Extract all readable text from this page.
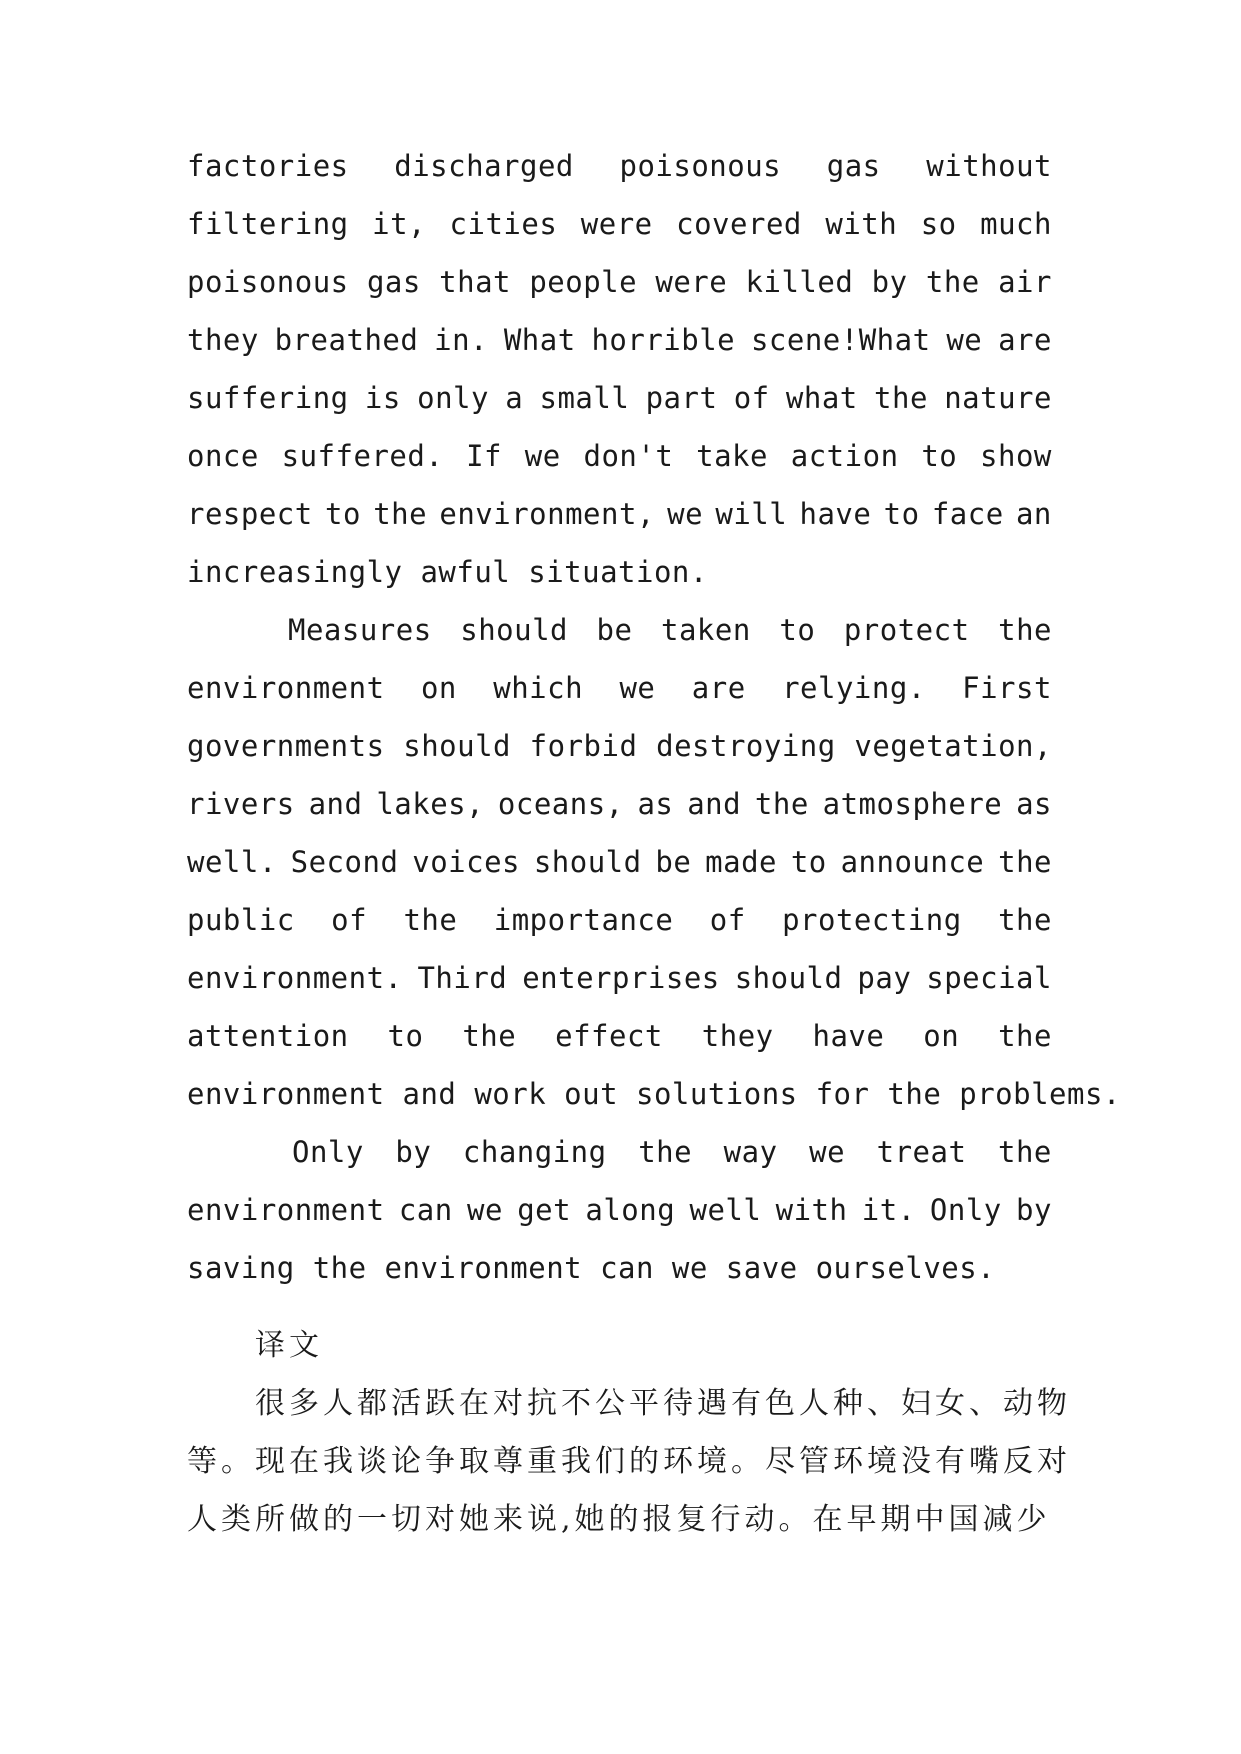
factories discharged poisonous gas without
filtering it, cities were covered with so much
poisonous gas that people were killed by the air
they breathed in. What horrible scene!What we are
suffering is only a small part of what the nature
once suffered. If we don't take action to show
respect to the environment, we will have to face an
increasingly awful situation.
Measures should be taken to protect the
environment on which we are relying. First
governments should forbid destroying vegetation,
rivers and lakes, oceans, as and the atmosphere as
well. Second voices should be made to announce the
public of the importance of protecting the
environment. Third enterprises should pay special
attention to the effect they have on the
environment and work out solutions for the problems.
Only by changing the way we treat the
environment can we get along well with it. Only by
saving the environment can we save ourselves.
译文
很多人都活跃在对抗不公平待遇有色人种、妇女、动物
等。现在我谈论争取尊重我们的环境。尽管环境没有嘴反对
人类所做的一切对她来说,她的报复行动。在早期中国减少
